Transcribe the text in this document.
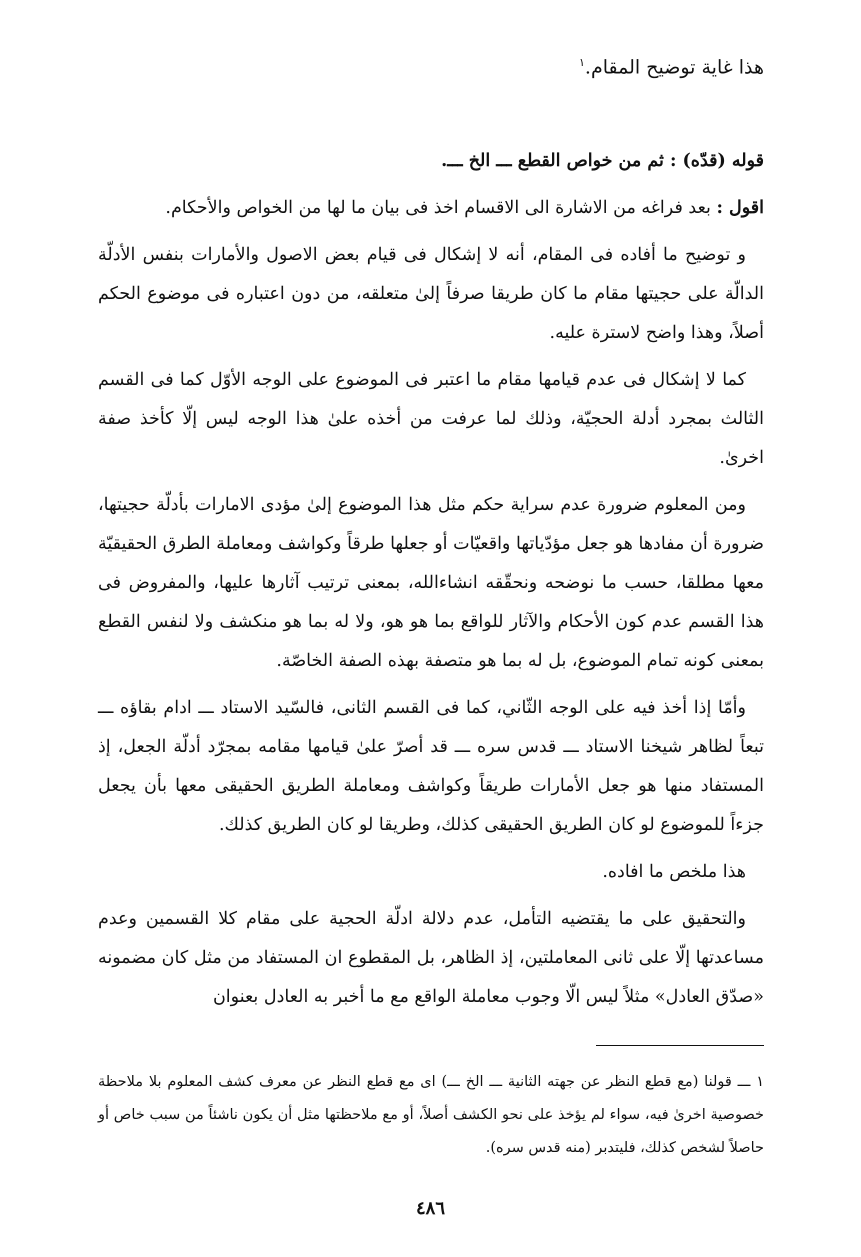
هذا غاية توضيح المقام.$^١$

قوله (قدّه) : ثم من خواص القطع ـــ الخ ـــ.

اقول : بعد فراغه من الاشارة الى الاقسام اخذ فى بيان ما لها من الخواص والأحكام.

و توضيح ما أفاده فى المقام، أنه لا إشكال فى قيام بعض الاصول والأمارات بنفس الأدلّة الدالّة على حجيتها مقام ما كان طريقا صرفاً إلىٰ متعلقه، من دون اعتباره فى موضوع الحكم أصلاً، وهذا واضح لاسترة عليه.

كما لا إشكال فى عدم قيامها مقام ما اعتبر فى الموضوع على الوجه الأوّل كما فى القسم الثالث بمجرد أدلة الحجيّة، وذلك لما عرفت من أخذه علىٰ هذا الوجه ليس إلّا كأخذ صفة اخرىٰ.

ومن المعلوم ضرورة عدم سراية حكم مثل هذا الموضوع إلىٰ مؤدى الامارات بأدلّة حجيتها، ضرورة أن مفادها هو جعل مؤدّياتها واقعيّات أو جعلها طرقاً وكواشف ومعاملة الطرق الحقيقيّة معها مطلقا، حسب ما نوضحه ونحقّقه انشاءالله، بمعنى ترتيب آثارها عليها، والمفروض فى هذا القسم عدم كون الأحكام والآثار للواقع بما هو هو، ولا له بما هو منكشف ولا لنفس القطع بمعنى كونه تمام الموضوع، بل له بما هو متصفة بهذه الصفة الخاصّة.

وأمّا إذا أخذ فيه على الوجه الثّاني، كما فى القسم الثانى، فالسّيد الاستاد ـــ ادام بقاؤه ـــ تبعاً لظاهر شيخنا الاستاد ـــ قدس سره ـــ قد أصرّ علىٰ قيامها مقامه بمجرّد أدلّة الجعل، إذ المستفاد منها هو جعل الأمارات طريقاً وكواشف ومعاملة الطريق الحقيقى معها بأن يجعل جزءاً للموضوع لو كان الطريق الحقيقى كذلك، وطريقا لو كان الطريق كذلك.

هذا ملخص ما افاده.

والتحقيق على ما يقتضيه التأمل، عدم دلالة ادلّة الحجية على مقام كلا القسمين وعدم مساعدتها إلّا على ثانى المعاملتين، إذ الظاهر، بل المقطوع ان المستفاد من مثل كان مضمونه «صدّق العادل» مثلاً ليس الّا وجوب معاملة الواقع مع ما أخبر به العادل بعنوان

١ ـــ قولنا (مع قطع النظر عن جهته الثانية ـــ الخ ـــ) اى مع قطع النظر عن معرف كشف المعلوم بلا ملاحظة خصوصية اخرىٰ فيه، سواء لم يؤخذ على نحو الكشف أصلاً، أو مع ملاحظتها مثل أن يكون ناشئاً من سبب خاص أو حاصلاً لشخص كذلك، فليتدبر (منه قدس سره).

٤٨٦
